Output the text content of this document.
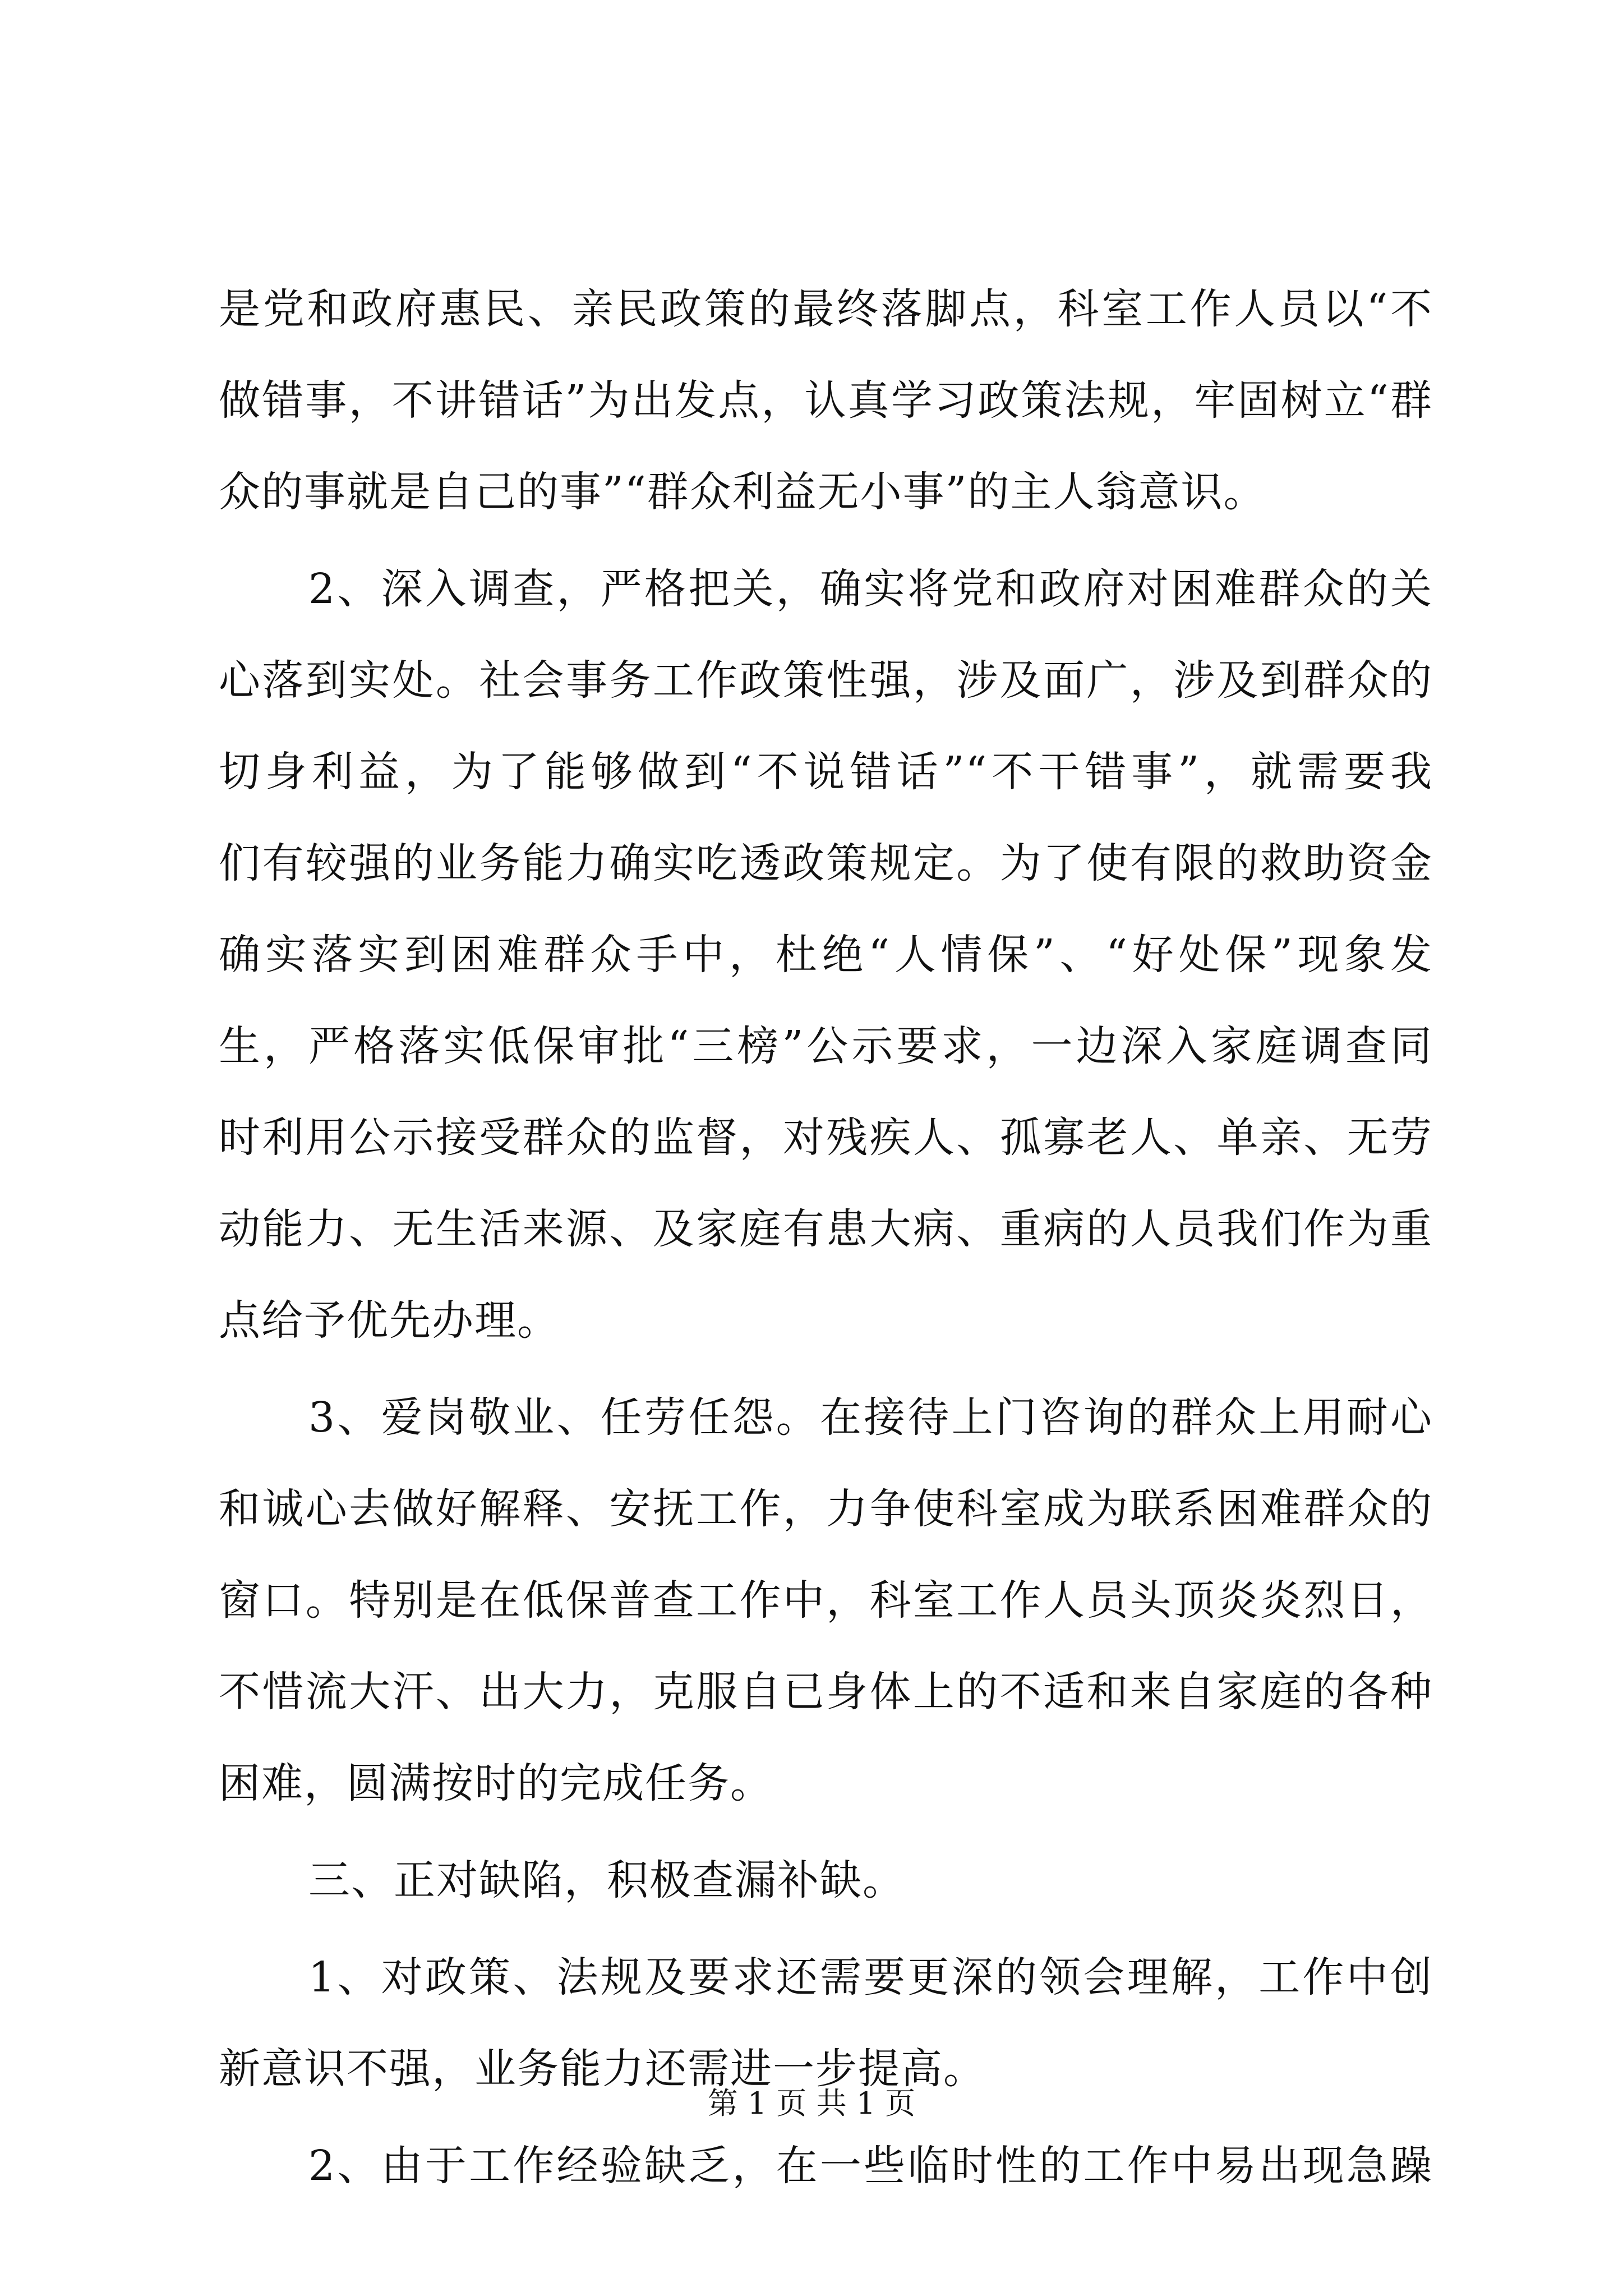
是党和政府惠民、亲民政策的最终落脚点，科室工作人员以“不
做错事，不讲错话”为出发点，认真学习政策法规，牢固树立“群
众的事就是自己的事”“群众利益无小事”的主人翁意识。
2、深入调查，严格把关，确实将党和政府对困难群众的关
心落到实处。社会事务工作政策性强，涉及面广，涉及到群众的
切身利益，为了能够做到“不说错话”“不干错事”，就需要我
们有较强的业务能力确实吃透政策规定。为了使有限的救助资金
确实落实到困难群众手中，杜绝“人情保”、“好处保”现象发
生，严格落实低保审批“三榜”公示要求，一边深入家庭调查同
时利用公示接受群众的监督，对残疾人、孤寡老人、单亲、无劳
动能力、无生活来源、及家庭有患大病、重病的人员我们作为重
点给予优先办理。
3、爱岗敬业、任劳任怨。在接待上门咨询的群众上用耐心
和诚心去做好解释、安抚工作，力争使科室成为联系困难群众的
窗口。特别是在低保普查工作中，科室工作人员头顶炎炎烈日，
不惜流大汗、出大力，克服自已身体上的不适和来自家庭的各种
困难，圆满按时的完成任务。
三、正对缺陷，积极查漏补缺。
1、对政策、法规及要求还需要更深的领会理解，工作中创
新意识不强，业务能力还需进一步提高。
2、由于工作经验缺乏，在一些临时性的工作中易出现急躁
第 1 页 共 1 页
